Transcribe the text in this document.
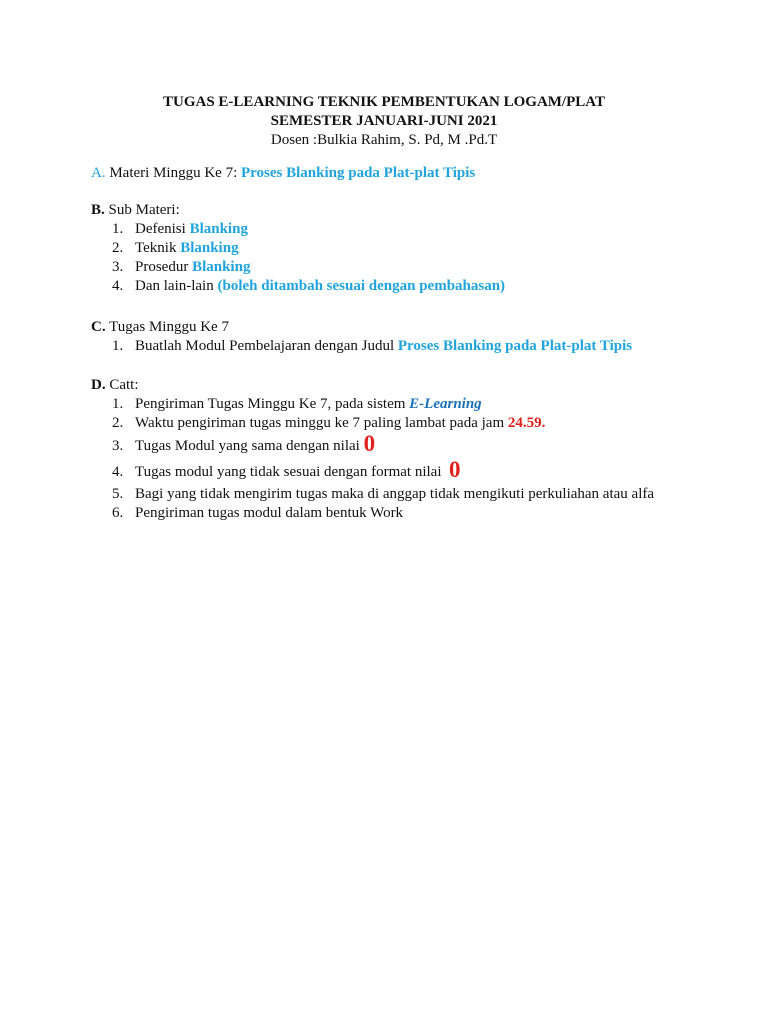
TUGAS E-LEARNING TEKNIK PEMBENTUKAN LOGAM/PLAT
SEMESTER JANUARI-JUNI 2021
Dosen :Bulkia Rahim, S. Pd, M .Pd.T
A. Materi Minggu Ke 7: Proses Blanking pada Plat-plat Tipis
B. Sub Materi:
1. Defenisi Blanking
2. Teknik Blanking
3. Prosedur Blanking
4. Dan lain-lain (boleh ditambah sesuai dengan pembahasan)
C. Tugas Minggu Ke 7
1. Buatlah Modul Pembelajaran dengan Judul Proses Blanking pada Plat-plat Tipis
D. Catt:
1. Pengiriman Tugas Minggu Ke 7, pada sistem E-Learning
2. Waktu pengiriman tugas minggu ke 7 paling lambat pada jam 24.59.
3. Tugas Modul yang sama dengan nilai 0
4. Tugas modul yang tidak sesuai dengan format nilai  0
5. Bagi yang tidak mengirim tugas maka di anggap tidak mengikuti perkuliahan atau alfa
6. Pengiriman tugas modul dalam bentuk Work
